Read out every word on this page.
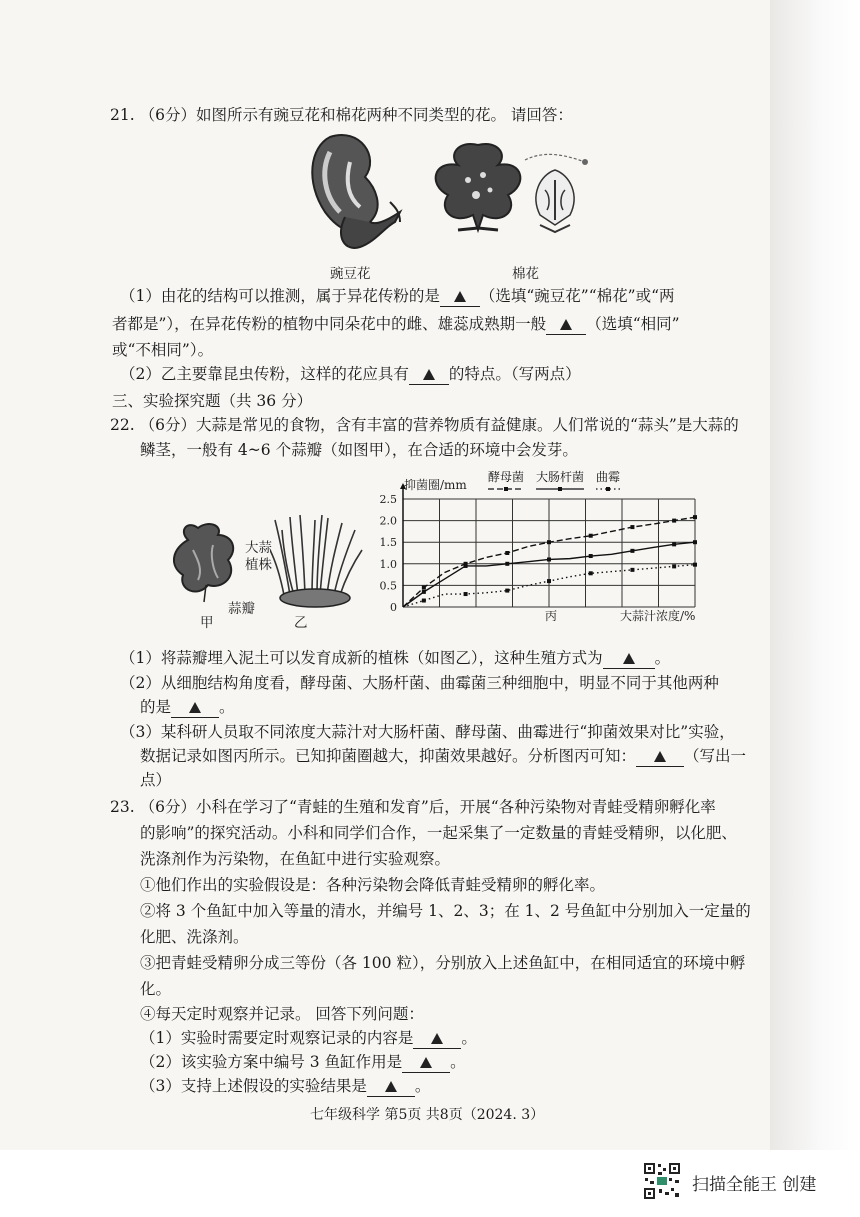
21. （6分）如图所示有豌豆花和棉花两种不同类型的花。 请回答：
豌豆花	棉花
（1）由花的结构可以推测，属于异花传粉的是	（选填“豌豆花”“棉花”或“两
者都是”），在异花传粉的植物中同朵花中的雌、雄蕊成熟期一般	（选填“相同”
或“不相同”）。
（2）乙主要靠昆虫传粉，这样的花应具有	的特点。（写两点）
三、实验探究题（共 36 分）
22. （6分）大蒜是常见的食物，含有丰富的营养物质有益健康。人们常说的“蒜头”是大蒜的
鳞茎，一般有 4~6 个蒜瓣（如图甲），在合适的环境中会发芽。
蒜瓣
甲
大蒜
植株
乙
2.5
2.0
1.5
1.0
0.5
0
抑菌圈/mm
丙	大蒜汁浓度/%
酵母菌 大肠杆菌 曲霉
（1）将蒜瓣埋入泥土可以发育成新的植株（如图乙），这种生殖方式为	。
（2）从细胞结构角度看，酵母菌、大肠杆菌、曲霉菌三种细胞中，明显不同于其他两种
的是	。
（3）某科研人员取不同浓度大蒜汁对大肠杆菌、酵母菌、曲霉进行“抑菌效果对比”实验，
数据记录如图丙所示。已知抑菌圈越大，抑菌效果越好。分析图丙可知：	（写出一
点）
23. （6分）小科在学习了“青蛙的生殖和发育”后，开展“各种污染物对青蛙受精卵孵化率
的影响”的探究活动。小科和同学们合作，一起采集了一定数量的青蛙受精卵，以化肥、
洗涤剂作为污染物，在鱼缸中进行实验观察。
①他们作出的实验假设是：各种污染物会降低青蛙受精卵的孵化率。
②将 3 个鱼缸中加入等量的清水，并编号 1、2、3；在 1、2 号鱼缸中分别加入一定量的
化肥、洗涤剂。
③把青蛙受精卵分成三等份（各 100 粒），分别放入上述鱼缸中，在相同适宜的环境中孵
化。
④每天定时观察并记录。 回答下列问题：
（1）实验时需要定时观察记录的内容是	。
（2）该实验方案中编号 3 鱼缸作用是	。
（3）支持上述假设的实验结果是	。
七年级科学 第5页 共8页（2024. 3）
扫描全能王 创建
